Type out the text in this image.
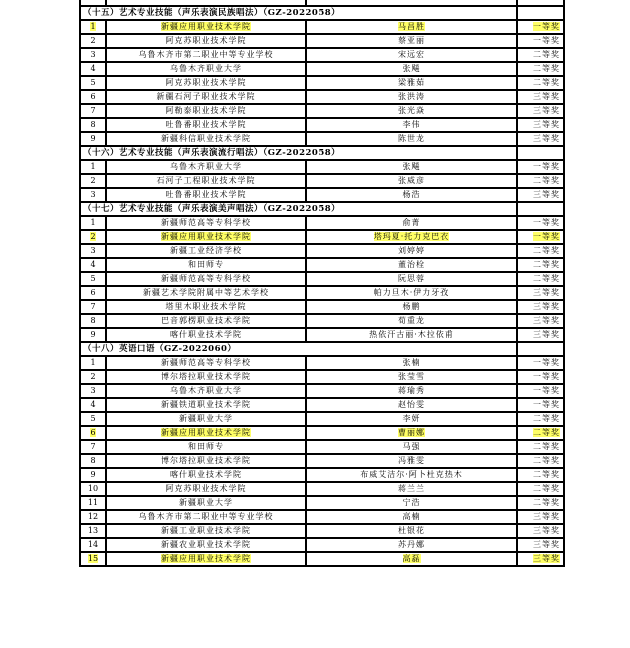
（十五）艺术专业技能（声乐表演民族唱法）（GZ-2022058）			
1	新疆应用职业技术学院	马昌胜	一等奖
2	阿克苏职业技术学院	蔡亚丽	一等奖
3	乌鲁木齐市第二职业中等专业学校	宋远宏	二等奖
4	乌鲁木齐职业大学	张飚	二等奖
5	阿克苏职业技术学院	梁雅茹	二等奖
6	新疆石河子职业技术学院	张洪涛	三等奖
7	阿勒泰职业技术学院	张光焱	三等奖
8	吐鲁番职业技术学院	李伟	三等奖
9	新疆科信职业技术学院	陈世龙	三等奖
（十六）艺术专业技能（声乐表演流行唱法）（GZ-2022058）			
1	乌鲁木齐职业大学	张飚	一等奖
2	石河子工程职业技术学院	张威彦	二等奖
3	吐鲁番职业技术学院	杨浩	三等奖
（十七）艺术专业技能（声乐表演美声唱法）（GZ-2022058）			
1	新疆师范高等专科学校	俞菁	一等奖
2	新疆应用职业技术学院	塔玛夏·托力克巴衣	一等奖
3	新疆工业经济学校	刘婷婷	二等奖
4	和田师专	董治栓	二等奖
5	新疆师范高等专科学校	阮思蓉	二等奖
6	新疆艺术学院附属中等艺术学校	帕力旦木·伊力牙孜	三等奖
7	塔里木职业技术学院	杨鹏	三等奖
8	巴音郭楞职业技术学院	荀重龙	三等奖
9	喀什职业技术学院	热依汗古丽·木拉依甫	三等奖
（十八）英语口语（GZ-2022060）			
1	新疆师范高等专科学校	张楠	一等奖
2	博尔塔拉职业技术学院	张莹雪	一等奖
3	乌鲁木齐职业大学	蒋瑜秀	一等奖
4	新疆铁道职业技术学院	赵怡雯	一等奖
5	新疆职业大学	李妍	二等奖
6	新疆应用职业技术学院	曹丽娜	二等奖
7	和田师专	马强	二等奖
8	博尔塔拉职业技术学院	冯雅雯	二等奖
9	喀什职业技术学院	布威艾洁尔·阿卜杜克热木	二等奖
10	阿克苏职业技术学院	蒋兰兰	二等奖
11	新疆职业大学	宁浩	二等奖
12	乌鲁木齐市第二职业中等专业学校	高楠	三等奖
13	新疆工业职业技术学院	杜银花	三等奖
14	新疆农业职业技术学院	苏丹娜	三等奖
15	新疆应用职业技术学院	高磊	三等奖
